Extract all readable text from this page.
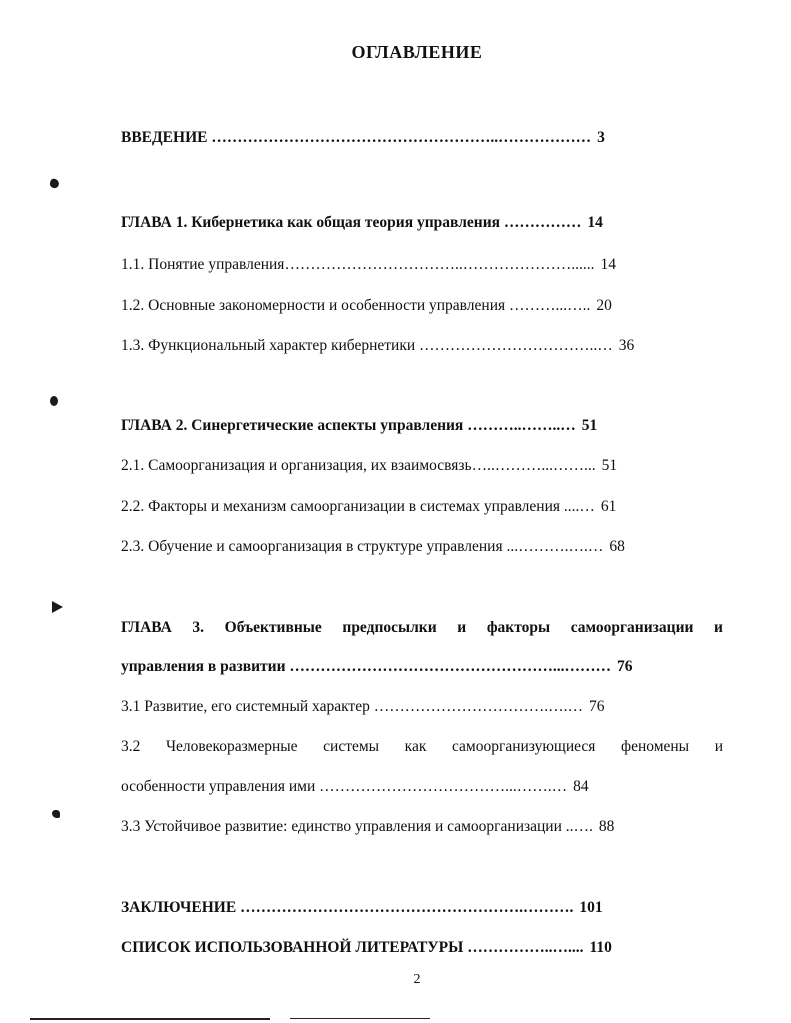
ОГЛАВЛЕНИЕ
ВВЕДЕНИЕ ………………………………………………..……………… 3
ГЛАВА 1. Кибернетика как общая теория управления …………… 14
1.1. Понятие управления……………………………..…………………...... 14
1.2. Основные закономерности и особенности управления ………...….. 20
1.3. Функциональный характер кибернетики ……………………………..… 36
ГЛАВА 2. Синергетические аспекты управления ………..……..… 51
2.1. Самоорганизация и организация, их взаимосвязь…..………...……... 51
2.2. Факторы и механизм самоорганизации в системах управления ....… 61
2.3. Обучение и самоорганизация в структуре управления ...……….….… 68
ГЛАВА 3. Объективные предпосылки и факторы самоорганизации и
управления в развитии ……………………………………………...……… 76
3.1 Развитие, его системный характер …………………………….….… 76
3.2 Человекоразмерные системы как самоорганизующиеся феномены и
особенности управления ими ………………………………...…….… 84
3.3 Устойчивое развитие: единство управления и самоорганизации ..…. 88
ЗАКЛЮЧЕНИЕ ……………………………………………….………. 101
СПИСОК ИСПОЛЬЗОВАННОЙ ЛИТЕРАТУРЫ ……………..….... 110
2
